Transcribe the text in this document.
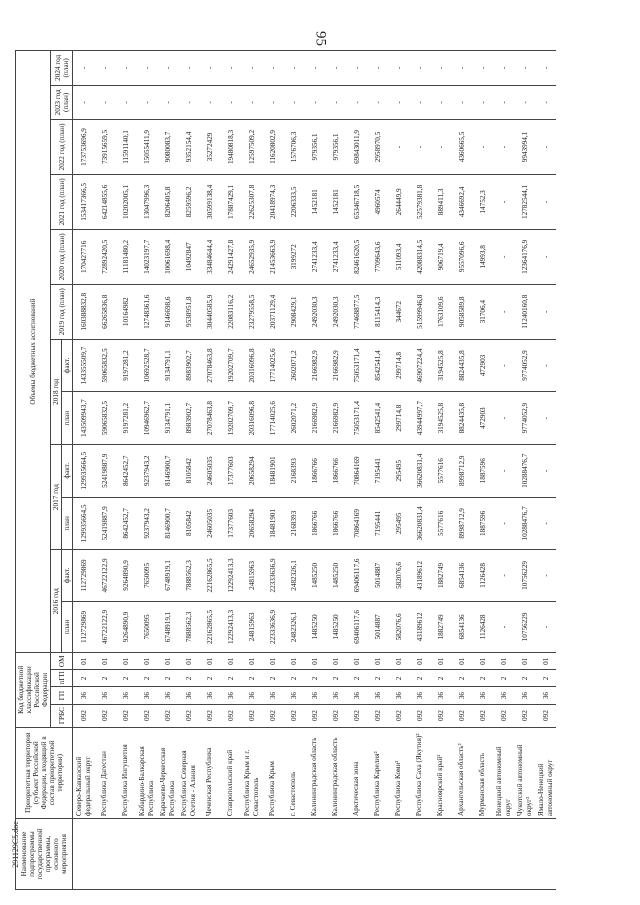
95
291129C5.doc Наименование подпрограммы государственной программы, основного мероприятия	Приоритетная территория (субъект Российской Федерации, входящий в состав приоритетной территории)	Код бюджетной классификации Российской Федерации				Объемы бюджетных ассигнований											
		ГРБС	ГП	пГП	ОМ	2016 год		2017 год		2018 год		2019 год (план)	2020 год (план)	2021 год (план)	2022 год (план)	2023 год (план)	2024 год (план)
						план	факт.	план	факт.	план	факт.						
	Северо-Кавказский федеральный округ	092	36	2	01	112729869	112729869	129935664,5	129935664,5	143509943,7	143355509,7	160388832,8	170427716	153417366,5	173753696,9	-	-
	Республика Дагестан	092	36	2	01	46722122,9	46722122,9	52419887,9	52419887,9	59065832,5	59065832,5	66265836,8	72892420,5	64214855,6	73915659,5	-	-
	Республика Ингушетия	092	36	2	01	9264890,9	9264890,9	8642452,7	8642452,7	9197281,2	9197281,2	10164982	11181480,2	10202005,1	11591140,1	-	-
	Кабардино-Балкарская Республика	092	36	2	01	7650095	7650095	9237943,2	9237943,2	10946962,7	10692528,7	12748361,6	14023197,7	13047996,3	15055411,9	-	-
	Карачаево-Черкесская Республика	092	36	2	01	6748919,1	6748919,1	8146900,7	8146900,7	9134791,1	9134791,1	9146698,6	10061698,4	8206405,8	9080083,7	-	-
	Республика Северная Осетия - Алания	092	36	2	01	7888562,3	7888562,3	8105842	8105842	8983902,7	8983902,7	9538951,8	10492847	8259596,2	9352154,4	-	-
	Чеченская Республика	092	36	2	01	22162865,5	22162865,5	24605035	24605035	27078463,8	27078463,8	30440585,9	33484644,4	30599138,4	35272429	-	-
	Ставропольский край	092	36	2	01	12292413,3	12292413,3	17377603	17377603	19202709,7	19202709,7	22083116,2	24291427,8	17887429,1	19480818,3	-	-
	Республика Крым и г. Севастополь	092	36	2	01	24815963	24815963	20658294	20658294	20316096,8	20316096,8	23279558,5	24652935,9	22625307,8	12597509,2	-	-
	Республика Крым	092	36	2	01	22333636,9	22333636,9	18481901	18481901	17714025,6	17714025,6	20371129,4	21453663,9	20418974,3	11620802,9	-	-
	г. Севастополь	092	36	2	01	2482326,1	2482326,1	2168393	2168393	2602071,2	2602071,2	2908429,1	3199272	2206333,5	1576706,3	-	-
	Калининградская область	092	36	2	01	1485250	1485250	1866766	1866766	2166982,9	2166982,9	2492030,3	2741233,4	1452181	979356,1	-	-
	Калининградская область	092	36	2	01	1485250	1485250	1866766	1866766	2166982,9	2166982,9	2492030,3	2741233,4	1452181	979356,1	-	-
	Арктическая зона	092	36	2	01	69406117,6	69406117,6	70864169	70864169	75053171,4	75053171,4	77468877,5	82461620,5	65346718,5	69843011,9	-	-
	Республика Карелия²	092	36	2	01	5014887	5014887	7195441	7195441	8542541,4	8542541,4	8115414,3	7709643,6	4960574	2958970,5	-	-
	Республика Коми²	092	36	2	01	582076,6	582076,6	295495	295495	299714,8	299714,8	344672	511093,4	264449,9	-	-	-
	Республика Саха (Якутия)²	092	36	2	01	43189612	43189612	36620831,4	36620831,4	43944997,7	46907224,4	51599946,8	42088314,5	52579381,8	-	-	-
	Красноярский край²	092	36	2	01	1882749	1882749	5577616	5577616	3194525,8	3194525,8	1763109,6	906719,4	889411,3	-	-	-
	Архангельская область²	092	36	2	01	6854136	6854136	8998712,9	8998712,9	8824435,8	8824435,8	9058589,8	9557096,6	4346692,4	4360665,5	-	-
	Мурманская область	092	36	2	01	1126428	1126428	1887596	1887596	472903	472903	31706,4	14993,8	14752,3	-	-	-
	Ненецкий автономный округ	092	36	2	01	-	-	-	-	-	-	-	-	-	-	-	-
	Чукотский автономный округ²	092	36	2	01	10756229	10756229	10288476,7	10288476,7	9774052,9	9774052,9	11240160,8	12364176,9	12782544,1	9943994,1	-	-
	Ямало-Ненецкий автономный округ	092	36	2	01	-	-	-	-	-	-	-	-	-	-	-	-
